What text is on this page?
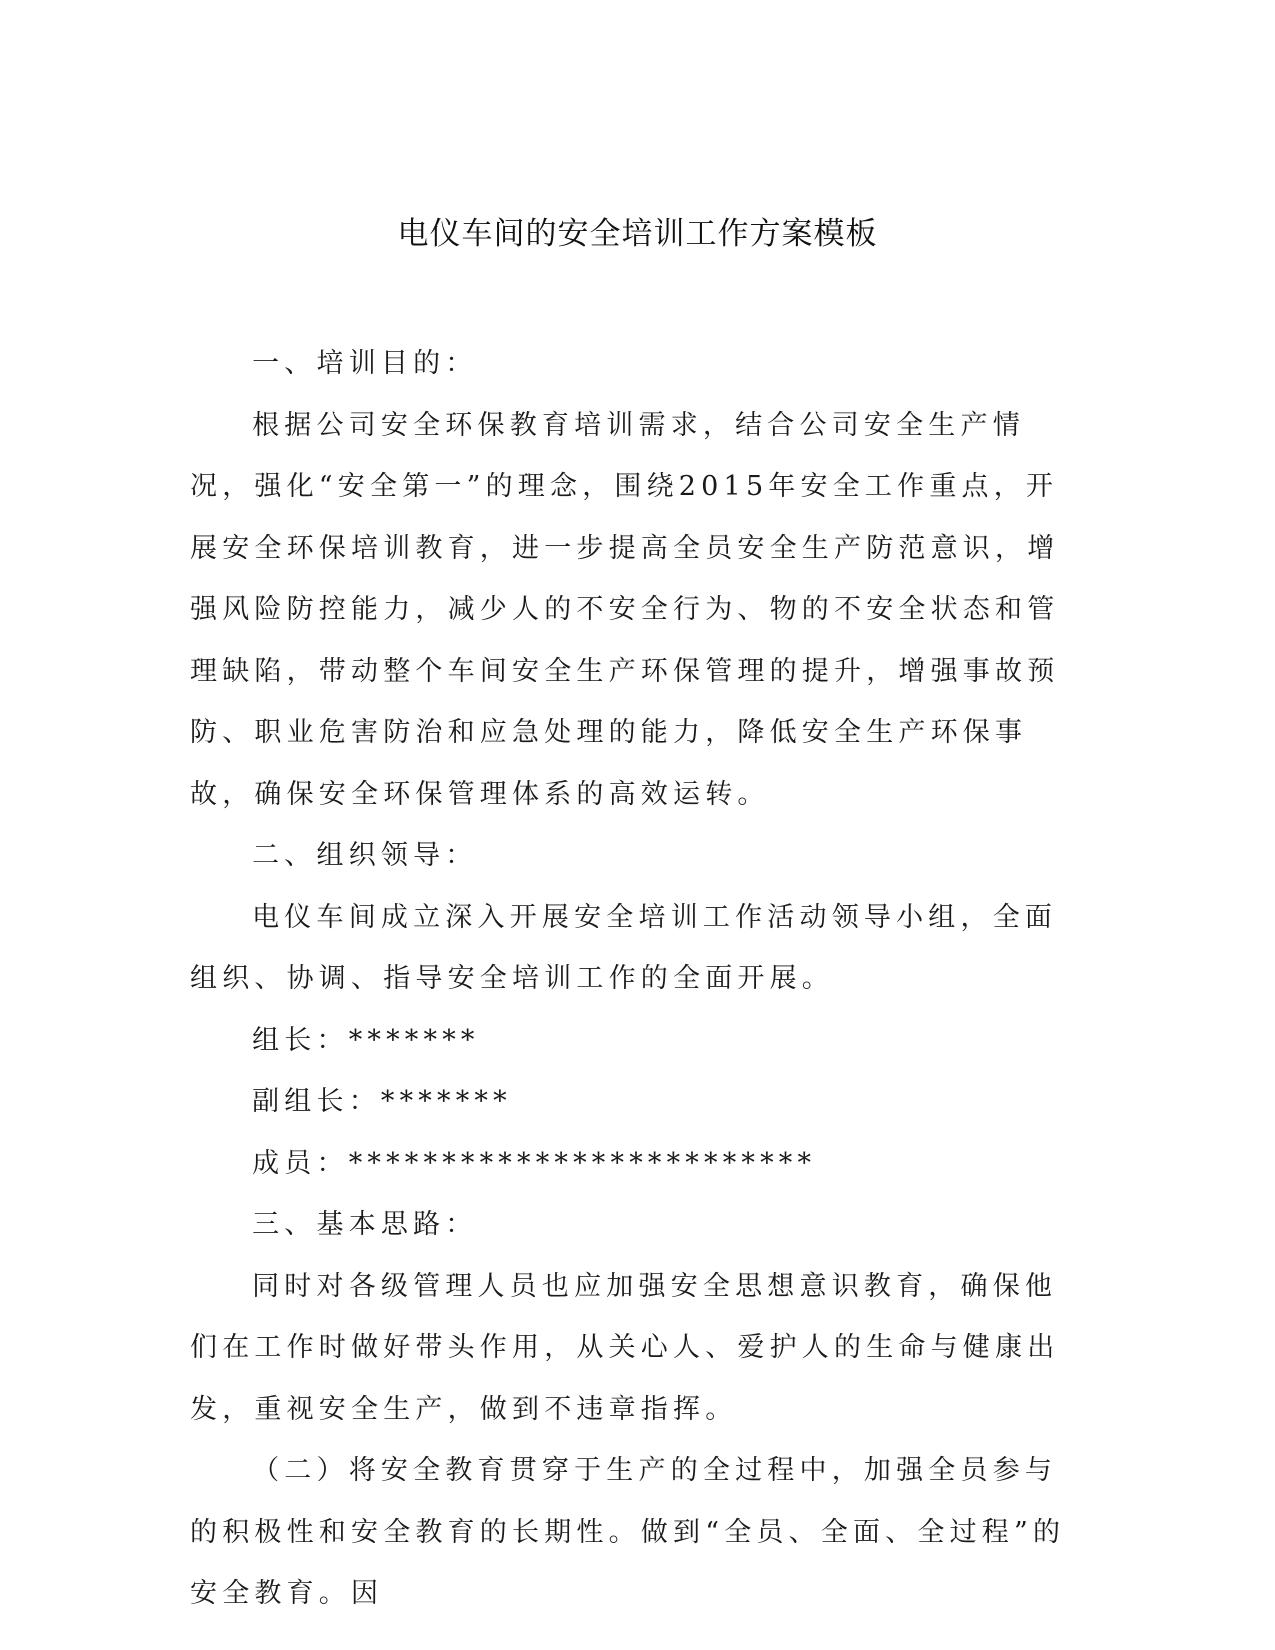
电仪车间的安全培训工作方案模板

一、培训目的：

根据公司安全环保教育培训需求，结合公司安全生产情况，强化“安全第一”的理念，围绕2015年安全工作重点，开展安全环保培训教育，进一步提高全员安全生产防范意识，增强风险防控能力，减少人的不安全行为、物的不安全状态和管理缺陷，带动整个车间安全生产环保管理的提升，增强事故预防、职业危害防治和应急处理的能力，降低安全生产环保事故，确保安全环保管理体系的高效运转。

二、组织领导：

电仪车间成立深入开展安全培训工作活动领导小组，全面组织、协调、指导安全培训工作的全面开展。

组长：*******

副组长：*******

成员：*************************

三、基本思路：

同时对各级管理人员也应加强安全思想意识教育，确保他们在工作时做好带头作用，从关心人、爱护人的生命与健康出发，重视安全生产，做到不违章指挥。

（二）将安全教育贯穿于生产的全过程中，加强全员参与的积极性和安全教育的长期性。做到“全员、全面、全过程”的安全教育。因
